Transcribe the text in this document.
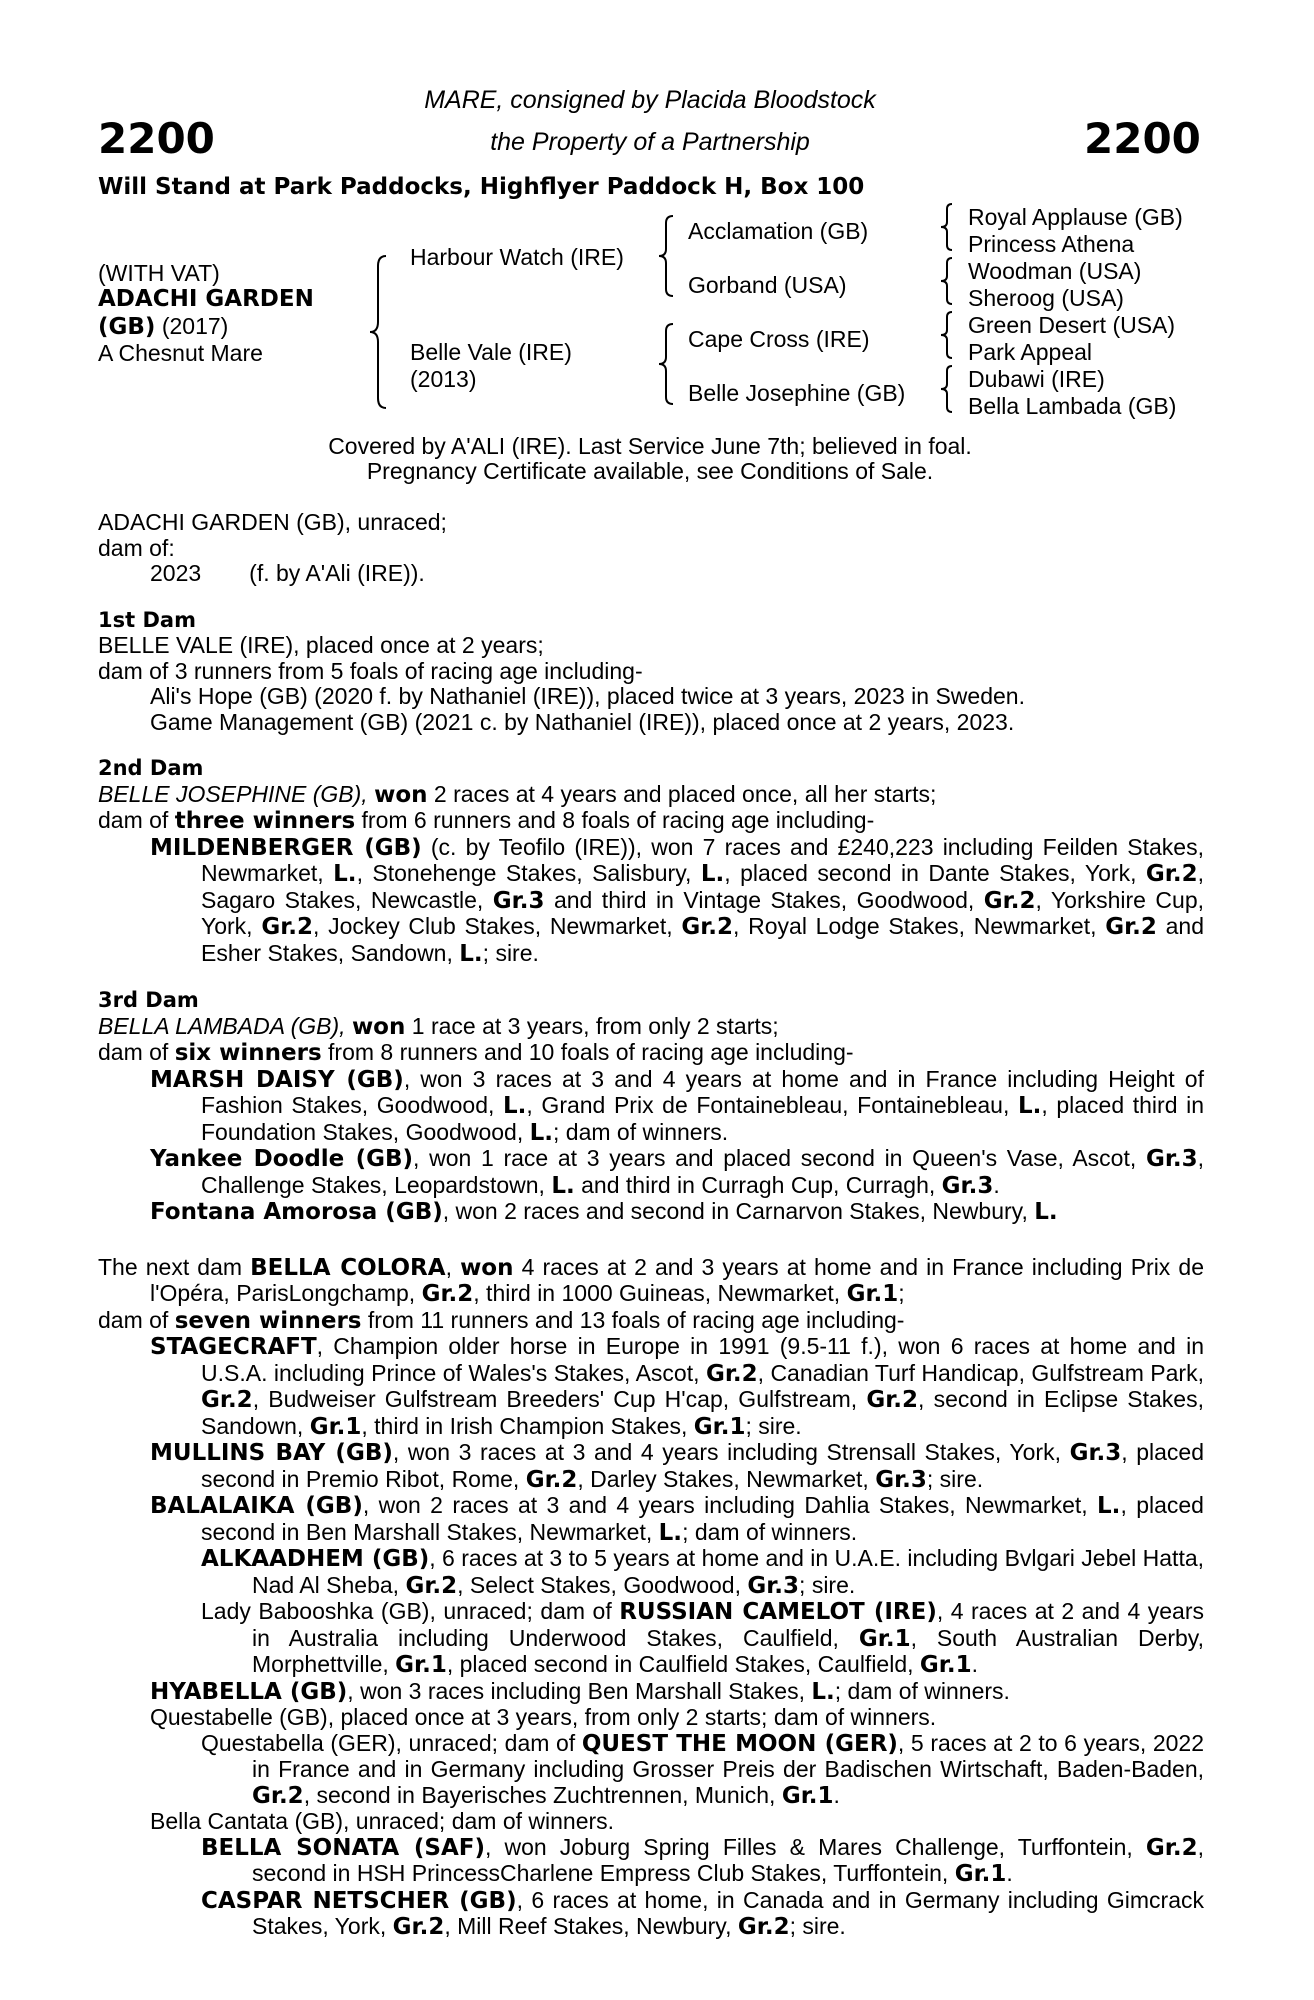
2200	2200
MARE, consigned by Placida Bloodstock
the Property of a Partnership
Will Stand at Park Paddocks, Highflyer Paddock H, Box 100
(WITH VAT)
ADACHI GARDEN
(GB) (2017)
A Chesnut Mare
Harbour Watch (IRE)
Belle Vale (IRE)
(2013)
Acclamation (GB)
Gorband (USA)
Cape Cross (IRE)
Belle Josephine (GB)
Royal Applause (GB)
Princess Athena
Woodman (USA)
Sheroog (USA)
Green Desert (USA)
Park Appeal
Dubawi (IRE)
Bella Lambada (GB)
Covered by A'ALI (IRE). Last Service June 7th; believed in foal.
Pregnancy Certificate available, see Conditions of Sale.

ADACHI GARDEN (GB), unraced;

dam of:

2023 (f. by A'Ali (IRE)).

1st Dam

BELLE VALE (IRE), placed once at 2 years;

dam of 3 runners from 5 foals of racing age including-

Ali's Hope (GB) (2020 f. by Nathaniel (IRE)), placed twice at 3 years, 2023 in Sweden.

Game Management (GB) (2021 c. by Nathaniel (IRE)), placed once at 2 years, 2023.

2nd Dam

BELLE JOSEPHINE (GB), won 2 races at 4 years and placed once, all her starts;

dam of three winners from 6 runners and 8 foals of racing age including-

MILDENBERGER (GB) (c. by Teofilo (IRE)), won 7 races and £240,223 including Feilden Stakes, Newmarket, L., Stonehenge Stakes, Salisbury, L., placed second in Dante Stakes, York, Gr.2, Sagaro Stakes, Newcastle, Gr.3 and third in Vintage Stakes, Goodwood, Gr.2, Yorkshire Cup, York, Gr.2, Jockey Club Stakes, Newmarket, Gr.2, Royal Lodge Stakes, Newmarket, Gr.2 and Esher Stakes, Sandown, L.; sire.

3rd Dam

BELLA LAMBADA (GB), won 1 race at 3 years, from only 2 starts;

dam of six winners from 8 runners and 10 foals of racing age including-

MARSH DAISY (GB), won 3 races at 3 and 4 years at home and in France including Height of Fashion Stakes, Goodwood, L., Grand Prix de Fontainebleau, Fontainebleau, L., placed third in Foundation Stakes, Goodwood, L.; dam of winners.

Yankee Doodle (GB), won 1 race at 3 years and placed second in Queen's Vase, Ascot, Gr.3, Challenge Stakes, Leopardstown, L. and third in Curragh Cup, Curragh, Gr.3.

Fontana Amorosa (GB), won 2 races and second in Carnarvon Stakes, Newbury, L.

The next dam BELLA COLORA, won 4 races at 2 and 3 years at home and in France including Prix de l'Opéra, ParisLongchamp, Gr.2, third in 1000 Guineas, Newmarket, Gr.1;

dam of seven winners from 11 runners and 13 foals of racing age including-

STAGECRAFT, Champion older horse in Europe in 1991 (9.5-11 f.), won 6 races at home and in U.S.A. including Prince of Wales's Stakes, Ascot, Gr.2, Canadian Turf Handicap, Gulfstream Park, Gr.2, Budweiser Gulfstream Breeders' Cup H'cap, Gulfstream, Gr.2, second in Eclipse Stakes, Sandown, Gr.1, third in Irish Champion Stakes, Gr.1; sire.

MULLINS BAY (GB), won 3 races at 3 and 4 years including Strensall Stakes, York, Gr.3, placed second in Premio Ribot, Rome, Gr.2, Darley Stakes, Newmarket, Gr.3; sire.

BALALAIKA (GB), won 2 races at 3 and 4 years including Dahlia Stakes, Newmarket, L., placed second in Ben Marshall Stakes, Newmarket, L.; dam of winners.

ALKAADHEM (GB), 6 races at 3 to 5 years at home and in U.A.E. including Bvlgari Jebel Hatta, Nad Al Sheba, Gr.2, Select Stakes, Goodwood, Gr.3; sire.

Lady Babooshka (GB), unraced; dam of RUSSIAN CAMELOT (IRE), 4 races at 2 and 4 years in Australia including Underwood Stakes, Caulfield, Gr.1, South Australian Derby, Morphettville, Gr.1, placed second in Caulfield Stakes, Caulfield, Gr.1.

HYABELLA (GB), won 3 races including Ben Marshall Stakes, L.; dam of winners.

Questabelle (GB), placed once at 3 years, from only 2 starts; dam of winners.

Questabella (GER), unraced; dam of QUEST THE MOON (GER), 5 races at 2 to 6 years, 2022 in France and in Germany including Grosser Preis der Badischen Wirtschaft, Baden-Baden, Gr.2, second in Bayerisches Zuchtrennen, Munich, Gr.1.

Bella Cantata (GB), unraced; dam of winners.

BELLA SONATA (SAF), won Joburg Spring Filles & Mares Challenge, Turffontein, Gr.2, second in HSH PrincessCharlene Empress Club Stakes, Turffontein, Gr.1.

CASPAR NETSCHER (GB), 6 races at home, in Canada and in Germany including Gimcrack Stakes, York, Gr.2, Mill Reef Stakes, Newbury, Gr.2; sire.
